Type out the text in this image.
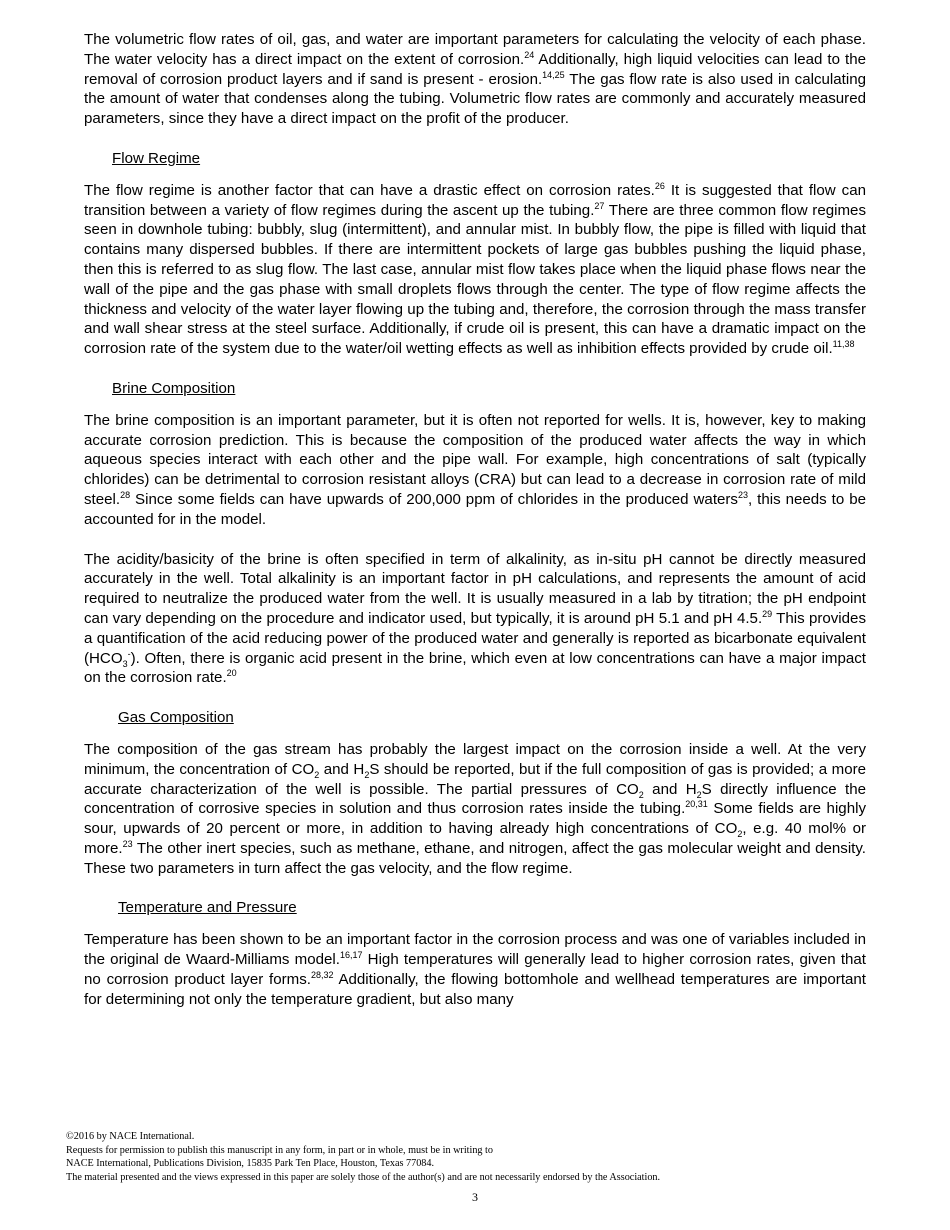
The volumetric flow rates of oil, gas, and water are important parameters for calculating the velocity of each phase. The water velocity has a direct impact on the extent of corrosion.$^{24}$ Additionally, high liquid velocities can lead to the removal of corrosion product layers and if sand is present - erosion.$^{14,25}$ The gas flow rate is also used in calculating the amount of water that condenses along the tubing. Volumetric flow rates are commonly and accurately measured parameters, since they have a direct impact on the profit of the producer.

Flow Regime

The flow regime is another factor that can have a drastic effect on corrosion rates.$^{26}$ It is suggested that flow can transition between a variety of flow regimes during the ascent up the tubing.$^{27}$ There are three common flow regimes seen in downhole tubing: bubbly, slug (intermittent), and annular mist. In bubbly flow, the pipe is filled with liquid that contains many dispersed bubbles. If there are intermittent pockets of large gas bubbles pushing the liquid phase, then this is referred to as slug flow. The last case, annular mist flow takes place when the liquid phase flows near the wall of the pipe and the gas phase with small droplets flows through the center. The type of flow regime affects the thickness and velocity of the water layer flowing up the tubing and, therefore, the corrosion through the mass transfer and wall shear stress at the steel surface. Additionally, if crude oil is present, this can have a dramatic impact on the corrosion rate of the system due to the water/oil wetting effects as well as inhibition effects provided by crude oil.$^{11,38}$

Brine Composition

The brine composition is an important parameter, but it is often not reported for wells. It is, however, key to making accurate corrosion prediction. This is because the composition of the produced water affects the way in which aqueous species interact with each other and the pipe wall. For example, high concentrations of salt (typically chlorides) can be detrimental to corrosion resistant alloys (CRA) but can lead to a decrease in corrosion rate of mild steel.$^{28}$ Since some fields can have upwards of 200,000 ppm of chlorides in the produced waters$^{23}$, this needs to be accounted for in the model.

The acidity/basicity of the brine is often specified in term of alkalinity, as in-situ pH cannot be directly measured accurately in the well. Total alkalinity is an important factor in pH calculations, and represents the amount of acid required to neutralize the produced water from the well. It is usually measured in a lab by titration; the pH endpoint can vary depending on the procedure and indicator used, but typically, it is around pH 5.1 and pH 4.5.29 This provides a quantification of the acid reducing power of the produced water and generally is reported as bicarbonate equivalent $(HCO_3^-)$. Often, there is organic acid present in the brine, which even at low concentrations can have a major impact on the corrosion rate.$^{20}$

Gas Composition

The composition of the gas stream has probably the largest impact on the corrosion inside a well. At the very minimum, the concentration of $CO_2$ and $H_2S$ should be reported, but if the full composition of gas is provided; a more accurate characterization of the well is possible. The partial pressures of $CO_2$ and $H_2S$ directly influence the concentration of corrosive species in solution and thus corrosion rates inside the tubing.$^{20,31}$ Some fields are highly sour, upwards of 20 percent or more, in addition to having already high concentrations of $CO_2$, e.g. 40 mol% or more.$^{23}$ The other inert species, such as methane, ethane, and nitrogen, affect the gas molecular weight and density. These two parameters in turn affect the gas velocity, and the flow regime.

Temperature and Pressure

Temperature has been shown to be an important factor in the corrosion process and was one of variables included in the original de Waard-Milliams model.$^{16,17}$ High temperatures will generally lead to higher corrosion rates, given that no corrosion product layer forms.$^{28,32}$ Additionally, the flowing bottomhole and wellhead temperatures are important for determining not only the temperature gradient, but also many

©2016 by NACE International.
Requests for permission to publish this manuscript in any form, in part or in whole, must be in writing to
NACE International, Publications Division, 15835 Park Ten Place, Houston, Texas 77084.
The material presented and the views expressed in this paper are solely those of the author(s) and are not necessarily endorsed by the Association.
3
